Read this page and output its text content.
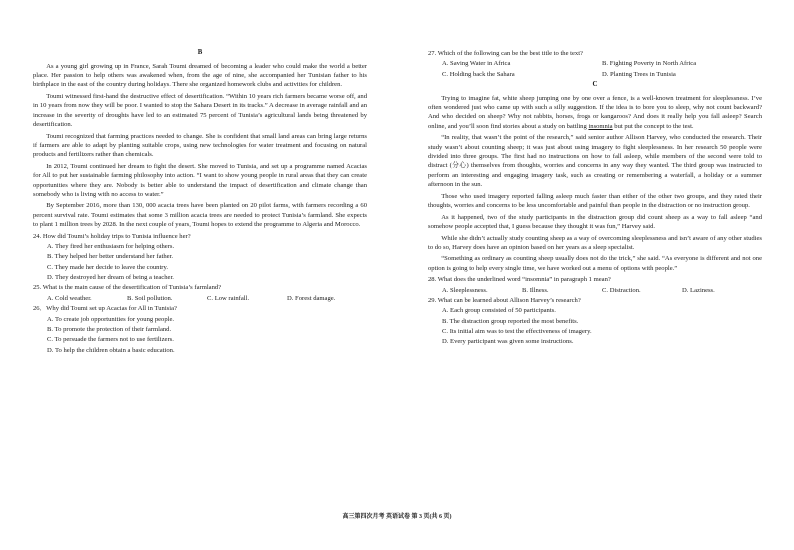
B

As a young girl growing up in France, Sarah Toumi dreamed of becoming a leader who could make the world a better place. Her passion to help others was awakened when, from the age of nine, she accompanied her Tunisian father to his birthplace in the east of the country during holidays. There she organized homework clubs and activities for children.

Toumi witnessed first-hand the destructive effect of desertification. “Within 10 years rich farmers became worse off, and in 10 years from now they will be poor. I wanted to stop the Sahara Desert in its tracks.” A decrease in average rainfall and an increase in the severity of droughts have led to an estimated 75 percent of Tunisia’s agricultural lands being threatened by desertification.

Toumi recognized that farming practices needed to change. She is confident that small land areas can bring large returns if farmers are able to adapt by planting suitable crops, using new technologies for water treatment and focusing on natural products and fertilizers rather than chemicals.

In 2012, Toumi continued her dream to fight the desert. She moved to Tunisia, and set up a programme named Acacias for All to put her sustainable farming philosophy into action. “I want to show young people in rural areas that they can create opportunities where they are. Nobody is better able to understand the impact of desertification and climate change than somebody who is living with no access to water.”

By September 2016, more than 130, 000 acacia trees have been planted on 20 pilot farms, with farmers recording a 60 percent survival rate. Toumi estimates that some 3 million acacia trees are needed to protect Tunisia’s farmland. She expects to plant 1 million trees by 2028. In the next couple of years, Toumi hopes to extend the programme to Algeria and Morocco.

24. How did Toumi’s holiday trips to Tunisia influence her?
A. They fired her enthusiasm for helping others.
B. They helped her better understand her father.
C. They made her decide to leave the country.
D. They destroyed her dream of being a teacher.
25. What is the main cause of the desertification of Tunisia’s farmland?
A. Cold weather.	B. Soil pollution.	C. Low rainfall.	D. Forest damage.
26．Why did Toumi set up Acacias for All in Tunisia?
A. To create job opportunities for young people.
B. To promote the protection of their farmland.
C. To persuade the farmers not to use fertilizers.
D. To help the children obtain a basic education.
27. Which of the following can be the best title to the text?
A. Saving Water in Africa	B. Fighting Poverty in North Africa
C. Holding back the Sahara	D. Planting Trees in Tunisia
C

Trying to imagine fat, white sheep jumping one by one over a fence, is a well-known treatment for sleeplessness. I’ve often wondered just who came up with such a silly suggestion. If the idea is to bore you to sleep, why not count backward? And who decided on sheep? Why not rabbits, horses, frogs or kangaroos? And does it really help you fall asleep? Search online, and you’ll soon find stories about a study on battling insomnia but put the concept to the test.

“In reality, that wasn’t the point of the research,” said senior author Allison Harvey, who conducted the research. Their study wasn’t about counting sheep; it was just about using imagery to fight sleeplessness. In her research 50 people were divided into three groups. The first had no instructions on how to fall asleep, while members of the second were told to distract (分心) themselves from thoughts, worries and concerns in any way they wanted. The third group was instructed to perform an interesting and engaging imagery task, such as creating or remembering a waterfall, a holiday or a summer afternoon in the sun.

Those who used imagery reported falling asleep much faster than either of the other two groups, and they rated their thoughts, worries and concerns to be less uncomfortable and painful than people in the distraction or no instruction group.

As it happened, two of the study participants in the distraction group did count sheep as a way to fall asleep “and somehow people accepted that, I guess because they thought it was fun,” Harvey said.

While she didn’t actually study counting sheep as a way of overcoming sleeplessness and isn’t aware of any other studies to do so, Harvey does have an opinion based on her years as a sleep specialist.

“Something as ordinary as counting sheep usually does not do the trick,” she said. “As everyone is different and not one option is going to help every single time, we have worked out a menu of options with people.”

28. What does the underlined word “insomnia” in paragraph 1 mean?
A. Sleeplessness.	B. Illness.	C. Distraction.	D. Laziness.
29. What can be learned about Allison Harvey’s research?
A. Each group consisted of 50 participants.
B. The distraction group reported the most benefits.
C. Its initial aim was to test the effectiveness of imagery.
D. Every participant was given some instructions.
高三第四次月考 英语试卷 第 3 页(共 6 页)
